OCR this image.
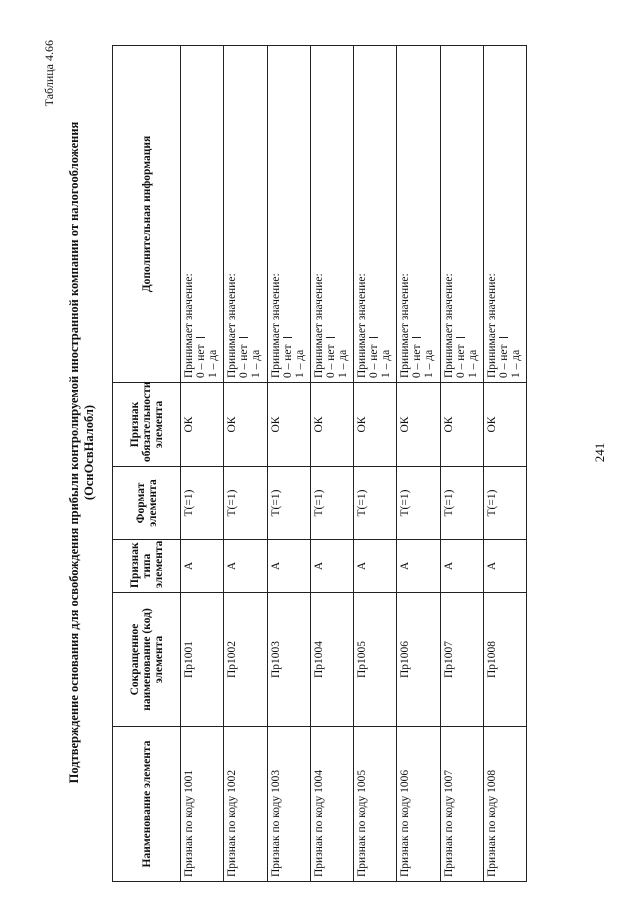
241
Таблица 4.66
Подтверждение основания для освобождения прибыли контролируемой иностранной компании от налогообложения (ОснОсвНалобл)
Наименование элемента	Сокращенное наименование (код) элемента	Признак типа элемента	Формат элемента	Признак обязательности элемента	Дополнительная информация
Признак по коду 1001	Пр1001	А	T(=1)	ОК	Принимает значение: 0 – нет 1 – да

Признак по коду 1002	Пр1002	А	T(=1)	ОК	Принимает значение: 0 – нет 1 – да

Признак по коду 1003	Пр1003	А	T(=1)	ОК	Принимает значение: 0 – нет 1 – да

Признак по коду 1004	Пр1004	А	T(=1)	ОК	Принимает значение: 0 – нет 1 – да

Признак по коду 1005	Пр1005	А	T(=1)	ОК	Принимает значение: 0 – нет 1 – да

Признак по коду 1006	Пр1006	А	T(=1)	ОК	Принимает значение: 0 – нет 1 – да

Признак по коду 1007	Пр1007	А	T(=1)	ОК	Принимает значение: 0 – нет 1 – да

Признак по коду 1008	Пр1008	А	T(=1)	ОК	Принимает значение: 0 – нет 1 – да
